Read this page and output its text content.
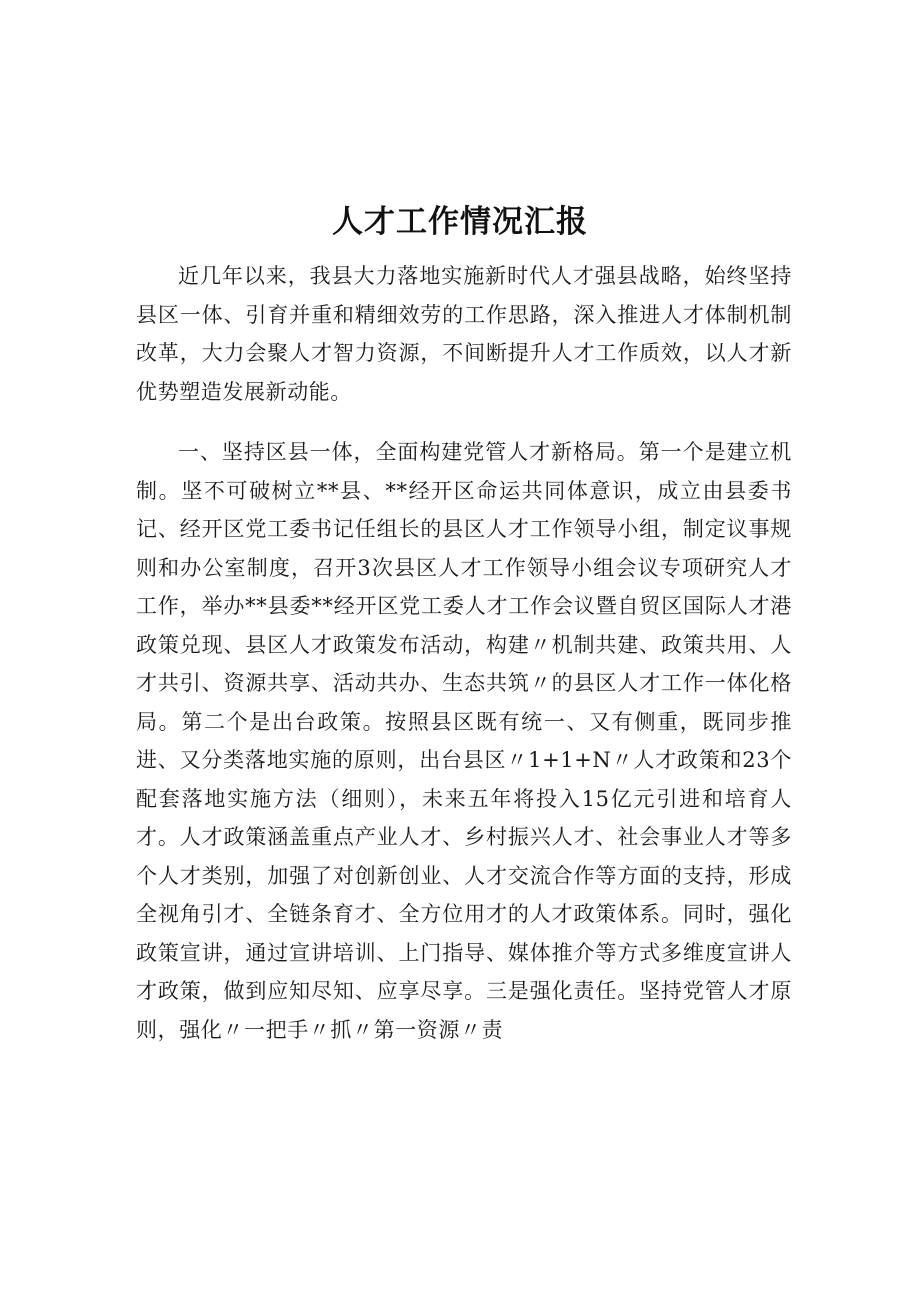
人才工作情况汇报

近几年以来，我县大力落地实施新时代人才强县战略，始终坚持县区一体、引育并重和精细效劳的工作思路，深入推进人才体制机制改革，大力会聚人才智力资源，不间断提升人才工作质效，以人才新优势塑造发展新动能。

一、坚持区县一体，全面构建党管人才新格局。第一个是建立机制。坚不可破树立**县、**经开区命运共同体意识，成立由县委书记、经开区党工委书记任组长的县区人才工作领导小组，制定议事规则和办公室制度，召开3次县区人才工作领导小组会议专项研究人才工作，举办**县委**经开区党工委人才工作会议暨自贸区国际人才港政策兑现、县区人才政策发布活动，构建〃机制共建、政策共用、人才共引、资源共享、活动共办、生态共筑〃的县区人才工作一体化格局。第二个是出台政策。按照县区既有统一、又有侧重，既同步推进、又分类落地实施的原则，出台县区〃1+1+N〃人才政策和23个配套落地实施方法（细则），未来五年将投入15亿元引进和培育人才。人才政策涵盖重点产业人才、乡村振兴人才、社会事业人才等多个人才类别，加强了对创新创业、人才交流合作等方面的支持，形成全视角引才、全链条育才、全方位用才的人才政策体系。同时，强化政策宣讲，通过宣讲培训、上门指导、媒体推介等方式多维度宣讲人才政策，做到应知尽知、应享尽享。三是强化责任。坚持党管人才原则，强化〃一把手〃抓〃第一资源〃责
